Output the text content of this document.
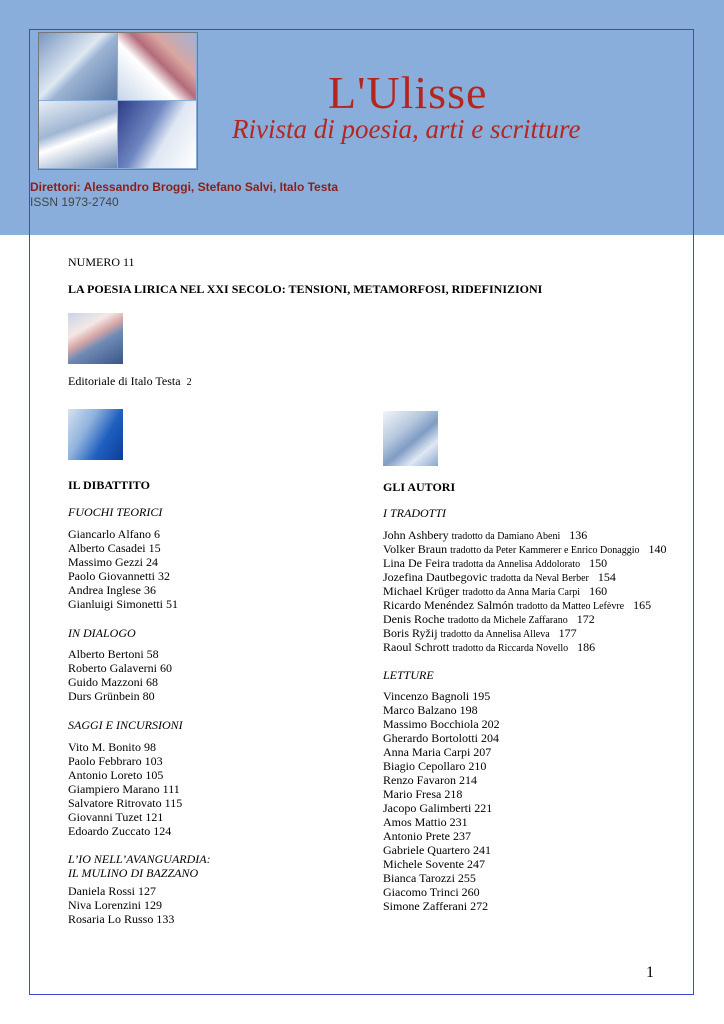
L'Ulisse
Rivista di poesia, arti e scritture
Direttori: Alessandro Broggi, Stefano Salvi, Italo Testa
ISSN 1973-2740
NUMERO 11
LA POESIA LIRICA NEL XXI SECOLO: TENSIONI, METAMORFOSI, RIDEFINIZIONI
Editoriale di Italo Testa 2
IL DIBATTITO
FUOCHI TEORICI
Giancarlo Alfano 6
Alberto Casadei 15
Massimo Gezzi 24
Paolo Giovannetti 32
Andrea Inglese 36
Gianluigi Simonetti 51
IN DIALOGO
Alberto Bertoni 58
Roberto Galaverni 60
Guido Mazzoni 68
Durs Grünbein 80
SAGGI E INCURSIONI
Vito M. Bonito 98
Paolo Febbraro 103
Antonio Loreto 105
Giampiero Marano 111
Salvatore Ritrovato 115
Giovanni Tuzet 121
Edoardo Zuccato 124
L’IO NELL’AVANGUARDIA:
IL MULINO DI BAZZANO
Daniela Rossi 127
Niva Lorenzini 129
Rosaria Lo Russo 133
GLI AUTORI
I TRADOTTI
John Ashbery tradotto da Damiano Abeni 136
Volker Braun tradotto da Peter Kammerer e Enrico Donaggio 140
Lina De Feira tradotta da Annelisa Addolorato 150
Jozefina Dautbegovic tradotta da Neval Berber 154
Michael Krüger tradotto da Anna Maria Carpi 160
Ricardo Menéndez Salmón tradotto da Matteo Lefèvre 165
Denis Roche tradotto da Michele Zaffarano 172
Boris Ryžij tradotto da Annelisa Alleva 177
Raoul Schrott tradotto da Riccarda Novello 186
LETTURE
Vincenzo Bagnoli 195
Marco Balzano 198
Massimo Bocchiola 202
Gherardo Bortolotti 204
Anna Maria Carpi 207
Biagio Cepollaro 210
Renzo Favaron 214
Mario Fresa 218
Jacopo Galimberti 221
Amos Mattio 231
Antonio Prete 237
Gabriele Quartero 241
Michele Sovente 247
Bianca Tarozzi 255
Giacomo Trinci 260
Simone Zafferani 272
1
